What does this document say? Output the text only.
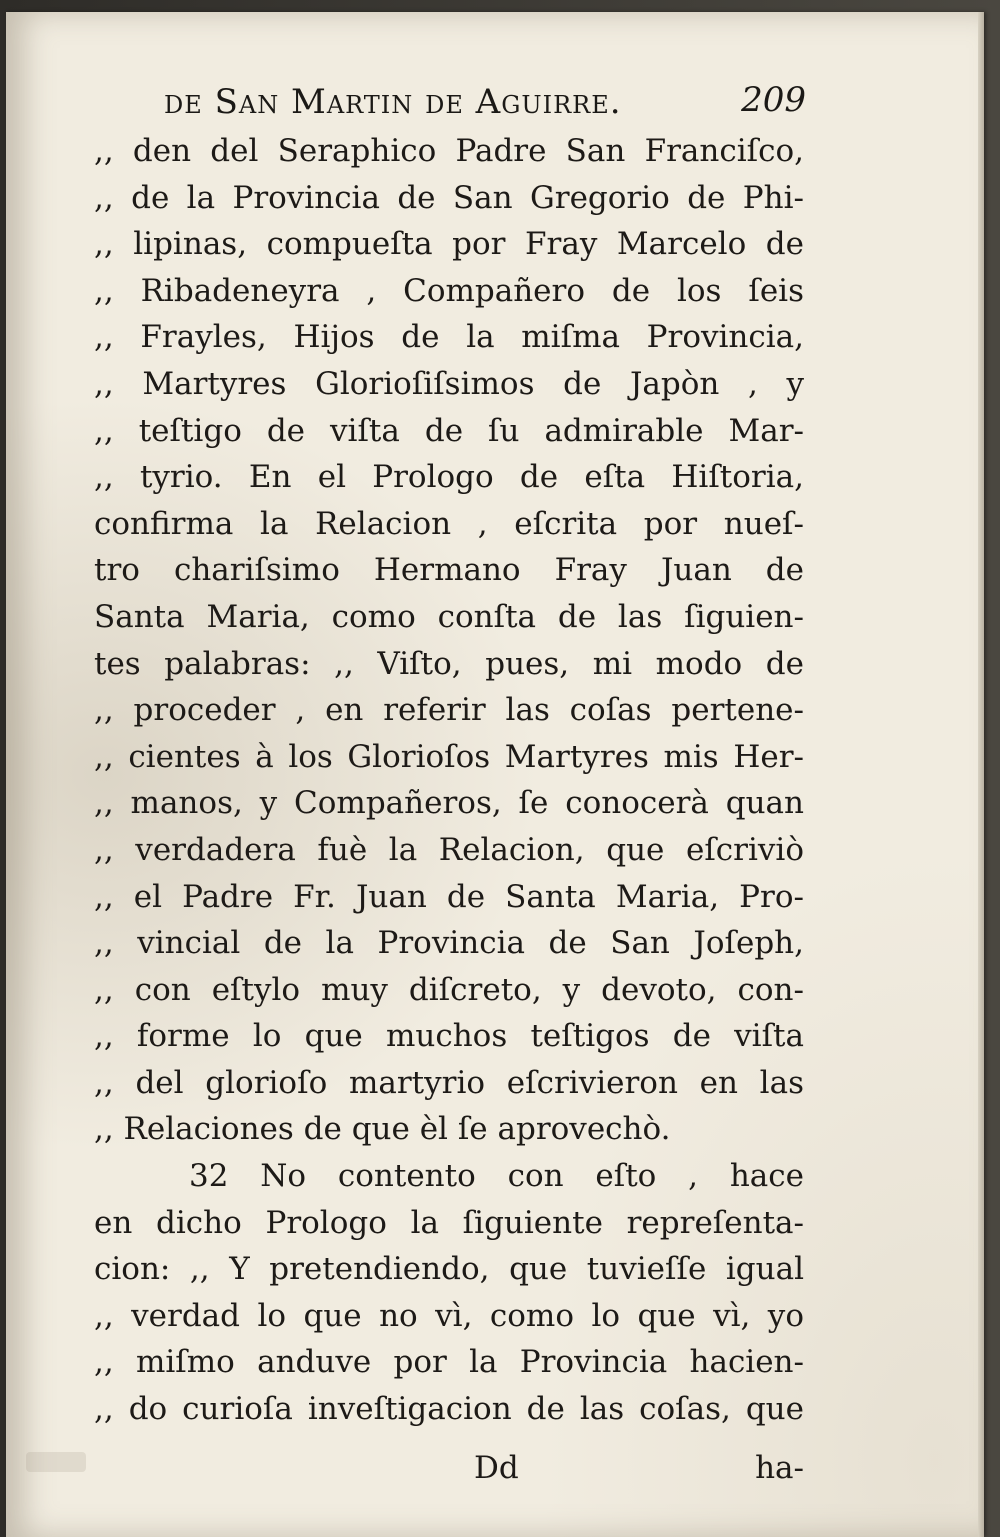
de San Martin de Aguirre.	209
,, den del Seraphico Padre San Franciſco,
,, de la Provincia de San Gregorio de Phi-
,, lipinas, compueſta por Fray Marcelo de
,, Ribadeneyra , Compañero de los ſeis
,, Frayles, Hijos de la miſma Provincia,
,, Martyres Glorioſiſsimos de Japòn , y
,, teſtigo de viſta de ſu admirable Mar-
,, tyrio. En el Prologo de eſta Hiſtoria,
confirma la Relacion , eſcrita por nueſ-
tro chariſsimo Hermano Fray Juan de
Santa Maria, como conſta de las ſiguien-
tes palabras: ,, Viſto, pues, mi modo de
,, proceder , en referir las coſas pertene-
,, cientes à los Glorioſos Martyres mis Her-
,, manos, y Compañeros, ſe conocerà quan
,, verdadera fuè la Relacion, que eſcriviò
,, el Padre Fr. Juan de Santa Maria, Pro-
,, vincial de la Provincia de San Joſeph,
,, con eſtylo muy diſcreto, y devoto, con-
,, forme lo que muchos teſtigos de viſta
,, del glorioſo martyrio eſcrivieron en las
,, Relaciones de que èl ſe aprovechò.
32 No contento con eſto , hace
en dicho Prologo la ſiguiente repreſenta-
cion: ,, Y pretendiendo, que tuvieſſe igual
,, verdad lo que no vì, como lo que vì, yo
,, miſmo anduve por la Provincia hacien-
,, do curioſa inveſtigacion de las coſas, que
Dd	ha-
